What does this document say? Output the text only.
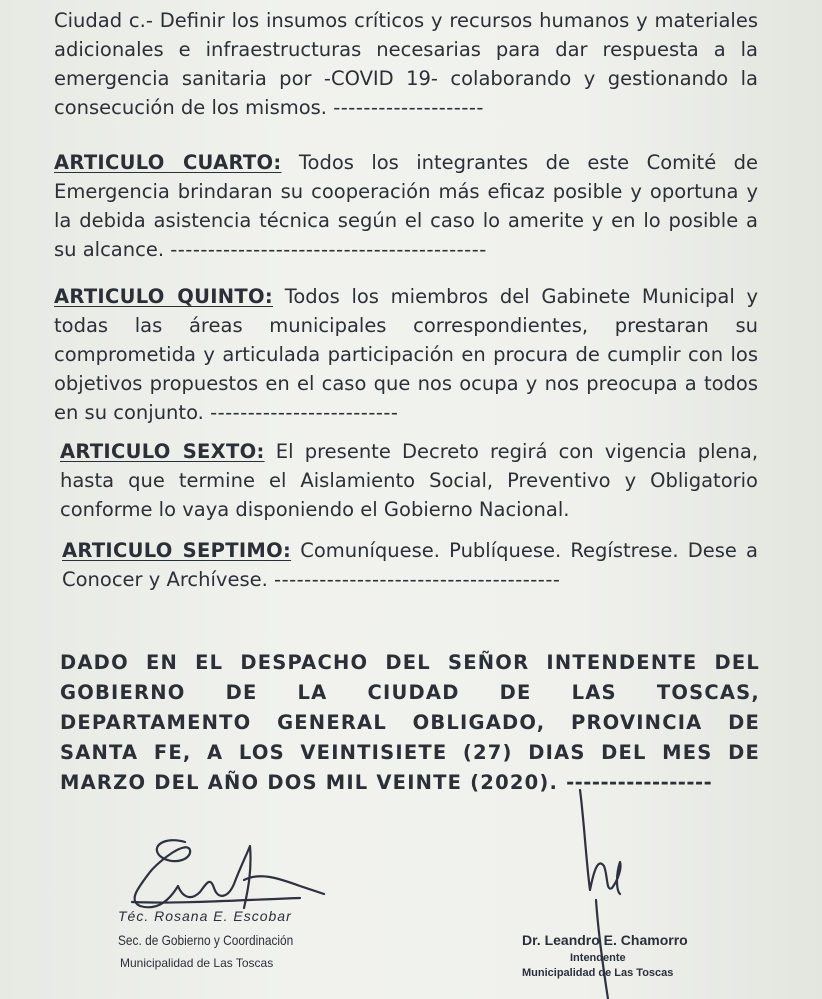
Ciudad c.- Definir los insumos críticos y recursos humanos y materiales adicionales e infraestructuras necesarias para dar respuesta a la emergencia sanitaria por -COVID 19- colaborando y gestionando la consecución de los mismos. --------------------
ARTICULO CUARTO: Todos los integrantes de este Comité de Emergencia brindaran su cooperación más eficaz posible y oportuna y la debida asistencia técnica según el caso lo amerite y en lo posible a su alcance. ------------------------------------------
ARTICULO QUINTO: Todos los miembros del Gabinete Municipal y todas las áreas municipales correspondientes, prestaran su comprometida y articulada participación en procura de cumplir con los objetivos propuestos en el caso que nos ocupa y nos preocupa a todos en su conjunto. -------------------------
ARTICULO SEXTO: El presente Decreto regirá con vigencia plena, hasta que termine el Aislamiento Social, Preventivo y Obligatorio conforme lo vaya disponiendo el Gobierno Nacional.
ARTICULO SEPTIMO: Comuníquese. Publíquese. Regístrese. Dese a Conocer y Archívese. --------------------------------------
DADO EN EL DESPACHO DEL SEÑOR INTENDENTE DEL GOBIERNO DE LA CIUDAD DE LAS TOSCAS, DEPARTAMENTO GENERAL OBLIGADO, PROVINCIA DE SANTA FE, A LOS VEINTISIETE (27) DIAS DEL MES DE MARZO DEL AÑO DOS MIL VEINTE (2020). -----------------
Téc. Rosana E. Escobar
Sec. de Gobierno y Coordinación
Municipalidad de Las Toscas
Dr. Leandro E. Chamorro
Intendente
Municipalidad de Las Toscas
